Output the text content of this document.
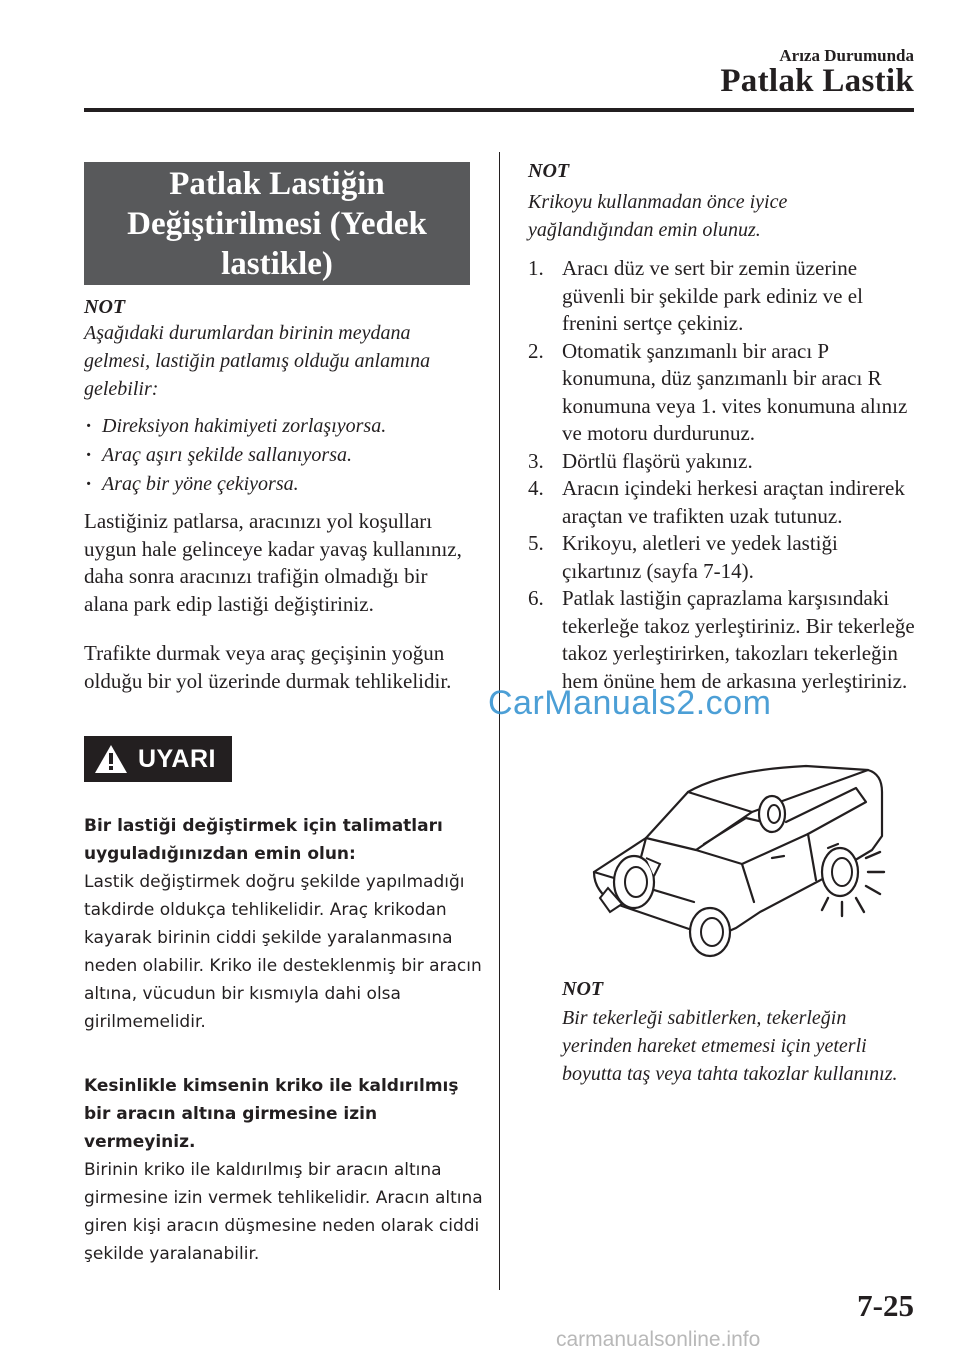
Arıza Durumunda
Patlak Lastik
Patlak Lastiğin Değiştirilmesi (Yedek lastikle)
NOT
Aşağıdaki durumlardan birinin meydana gelmesi, lastiğin patlamış olduğu anlamına gelebilir:
· Direksiyon hakimiyeti zorlaşıyorsa.
· Araç aşırı şekilde sallanıyorsa.
· Araç bir yöne çekiyorsa.
Lastiğiniz patlarsa, aracınızı yol koşulları uygun hale gelinceye kadar yavaş kullanınız, daha sonra aracınızı trafiğin olmadığı bir alana park edip lastiği değiştiriniz.
Trafikte durmak veya araç geçişinin yoğun olduğu bir yol üzerinde durmak tehlikelidir.
UYARI
Bir lastiği değiştirmek için talimatları uyguladığınızdan emin olun:
Lastik değiştirmek doğru şekilde yapılmadığı takdirde oldukça tehlikelidir. Araç krikodan kayarak birinin ciddi şekilde yaralanmasına neden olabilir. Kriko ile desteklenmiş bir aracın altına, vücudun bir kısmıyla dahi olsa girilmemelidir.
Kesinlikle kimsenin kriko ile kaldırılmış bir aracın altına girmesine izin vermeyiniz.
Birinin kriko ile kaldırılmış bir aracın altına girmesine izin vermek tehlikelidir. Aracın altına giren kişi aracın düşmesine neden olarak ciddi şekilde yaralanabilir.
NOT
Krikoyu kullanmadan önce iyice yağlandığından emin olunuz.
1. Aracı düz ve sert bir zemin üzerine güvenli bir şekilde park ediniz ve el frenini sertçe çekiniz.
2. Otomatik şanzımanlı bir aracı P konumuna, düz şanzımanlı bir aracı R konumuna veya 1. vites konumuna alınız ve motoru durdurunuz.
3. Dörtlü flaşörü yakınız.
4. Aracın içindeki herkesi araçtan indirerek araçtan ve trafikten uzak tutunuz.
5. Krikoyu, aletleri ve yedek lastiği çıkartınız (sayfa 7-14).
6. Patlak lastiğin çaprazlama karşısındaki tekerleğe takoz yerleştiriniz. Bir tekerleğe takoz yerleştirirken, takozları tekerleğin hem önüne hem de arkasına yerleştiriniz.
NOT
Bir tekerleği sabitlerken, tekerleğin yerinden hareket etmemesi için yeterli boyutta taş veya tahta takozlar kullanınız.
CarManuals2.com
7-25
carmanualsonline.info
